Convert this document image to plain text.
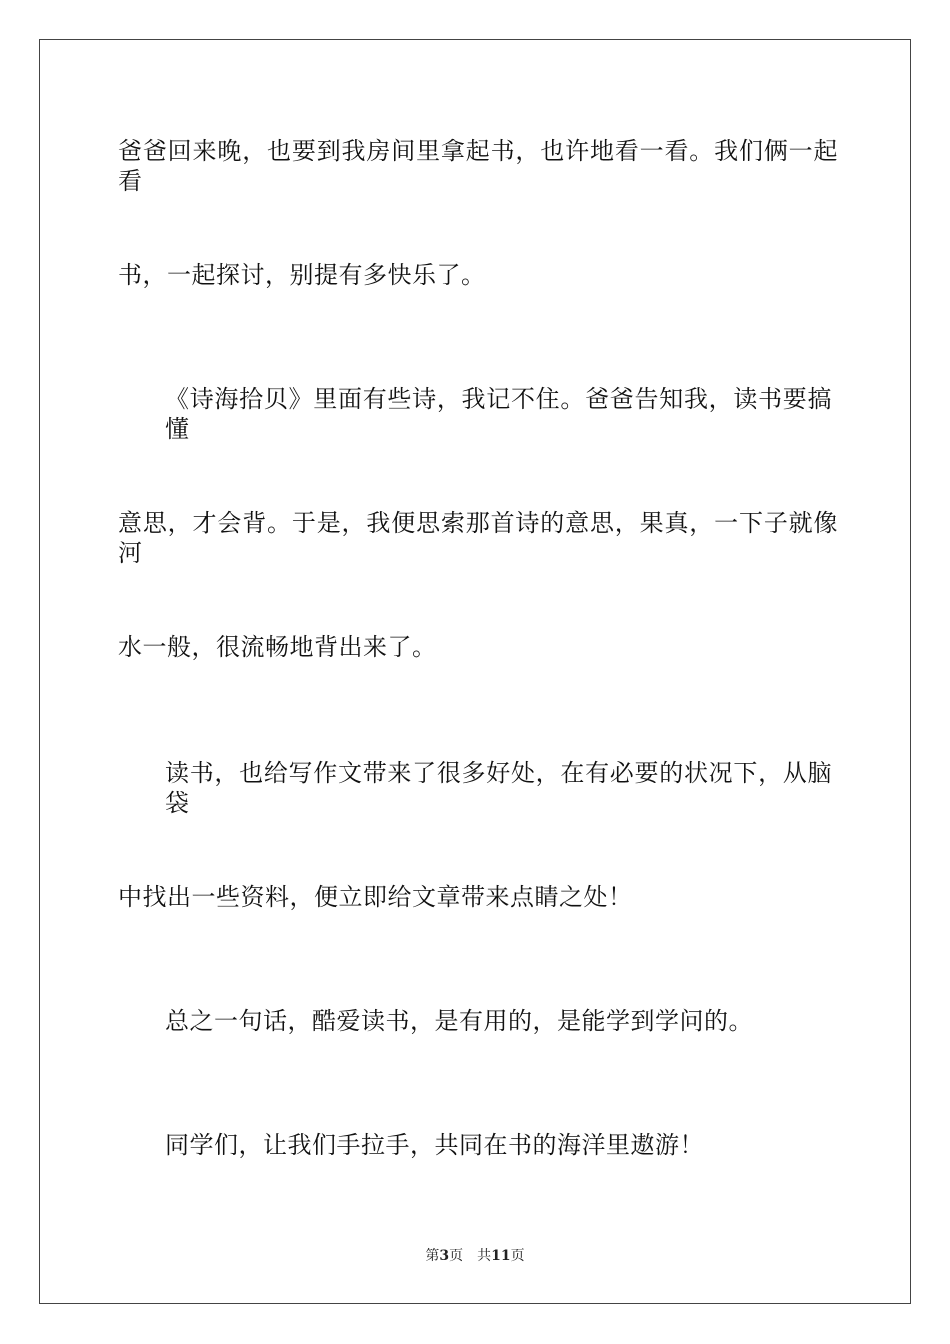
爸爸回来晚，也要到我房间里拿起书，也许地看一看。我们俩一起看
书，一起探讨，别提有多快乐了。
《诗海拾贝》里面有些诗，我记不住。爸爸告知我，读书要搞懂
意思，才会背。于是，我便思索那首诗的意思，果真，一下子就像河
水一般，很流畅地背出来了。
读书，也给写作文带来了很多好处，在有必要的状况下，从脑袋
中找出一些资料，便立即给文章带来点睛之处！
总之一句话，酷爱读书，是有用的，是能学到学问的。
同学们，让我们手拉手，共同在书的海洋里遨游！
第3页 共11页
